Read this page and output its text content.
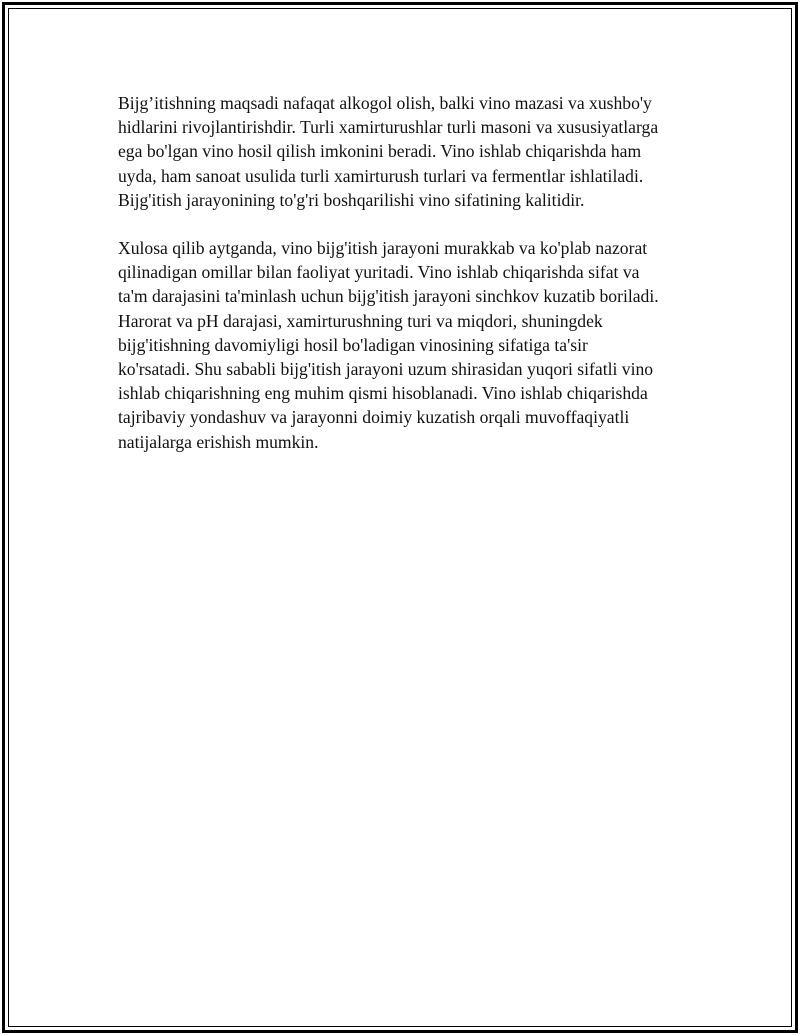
Bijg’itishning maqsadi nafaqat alkogol olish, balki vino mazasi va xushbo'y
hidlarini rivojlantirishdir. Turli xamirturushlar turli masoni va xususiyatlarga
ega bo'lgan vino hosil qilish imkonini beradi. Vino ishlab chiqarishda ham
uyda, ham sanoat usulida turli xamirturush turlari va fermentlar ishlatiladi.
Bijg'itish jarayonining to'g'ri boshqarilishi vino sifatining kalitidir.

Xulosa qilib aytganda, vino bijg'itish jarayoni murakkab va ko'plab nazorat
qilinadigan omillar bilan faoliyat yuritadi. Vino ishlab chiqarishda sifat va
ta'm darajasini ta'minlash uchun bijg'itish jarayoni sinchkov kuzatib boriladi.
Harorat va pH darajasi, xamirturushning turi va miqdori, shuningdek
bijg'itishning davomiyligi hosil bo'ladigan vinosining sifatiga ta'sir
ko'rsatadi. Shu sababli bijg'itish jarayoni uzum shirasidan yuqori sifatli vino
ishlab chiqarishning eng muhim qismi hisoblanadi. Vino ishlab chiqarishda
tajribaviy yondashuv va jarayonni doimiy kuzatish orqali muvoffaqiyatli
natijalarga erishish mumkin.
